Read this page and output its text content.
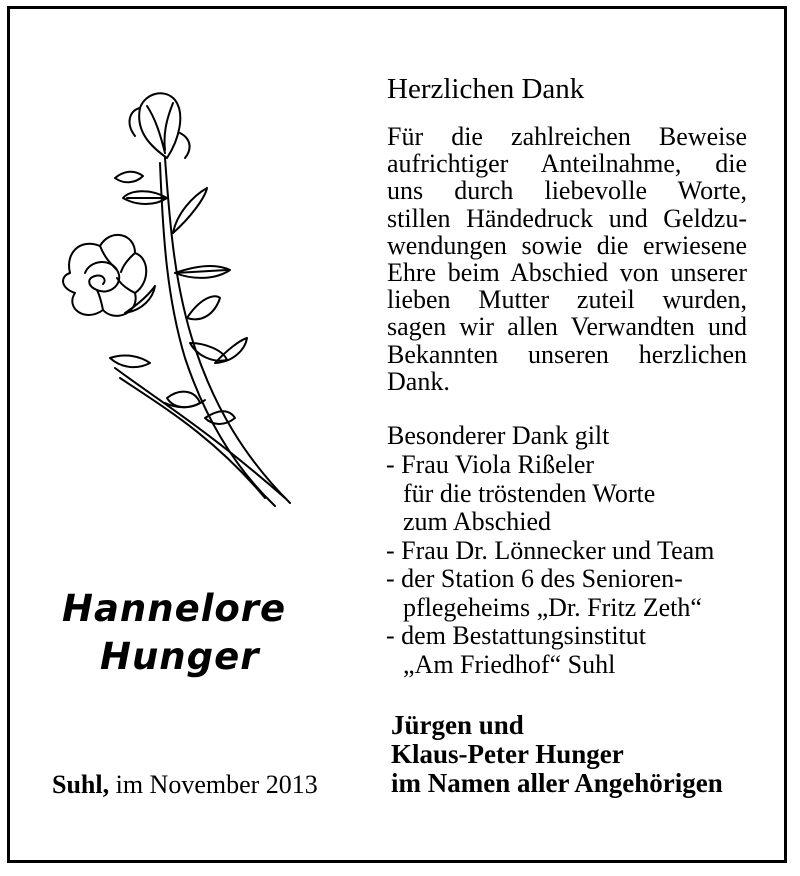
Herzlichen Dank
Für die zahlreichen Beweise
aufrichtiger Anteilnahme, die
uns durch liebevolle Worte,
stillen Händedruck und Geldzu-
wendungen sowie die erwiesene
Ehre beim Abschied von unserer
lieben Mutter zuteil wurden,
sagen wir allen Verwandten und
Bekannten unseren herzlichen
Dank.
Besonderer Dank gilt
- Frau Viola Rißeler
für die tröstenden Worte
zum Abschied
- Frau Dr. Lönnecker und Team
- der Station 6 des Senioren-
pflegeheims „Dr. Fritz Zeth“
- dem Bestattungsinstitut
„Am Friedhof“ Suhl
Jürgen und
Klaus-Peter Hunger
im Namen aller Angehörigen
Hannelore
Hunger
Suhl, im November 2013
